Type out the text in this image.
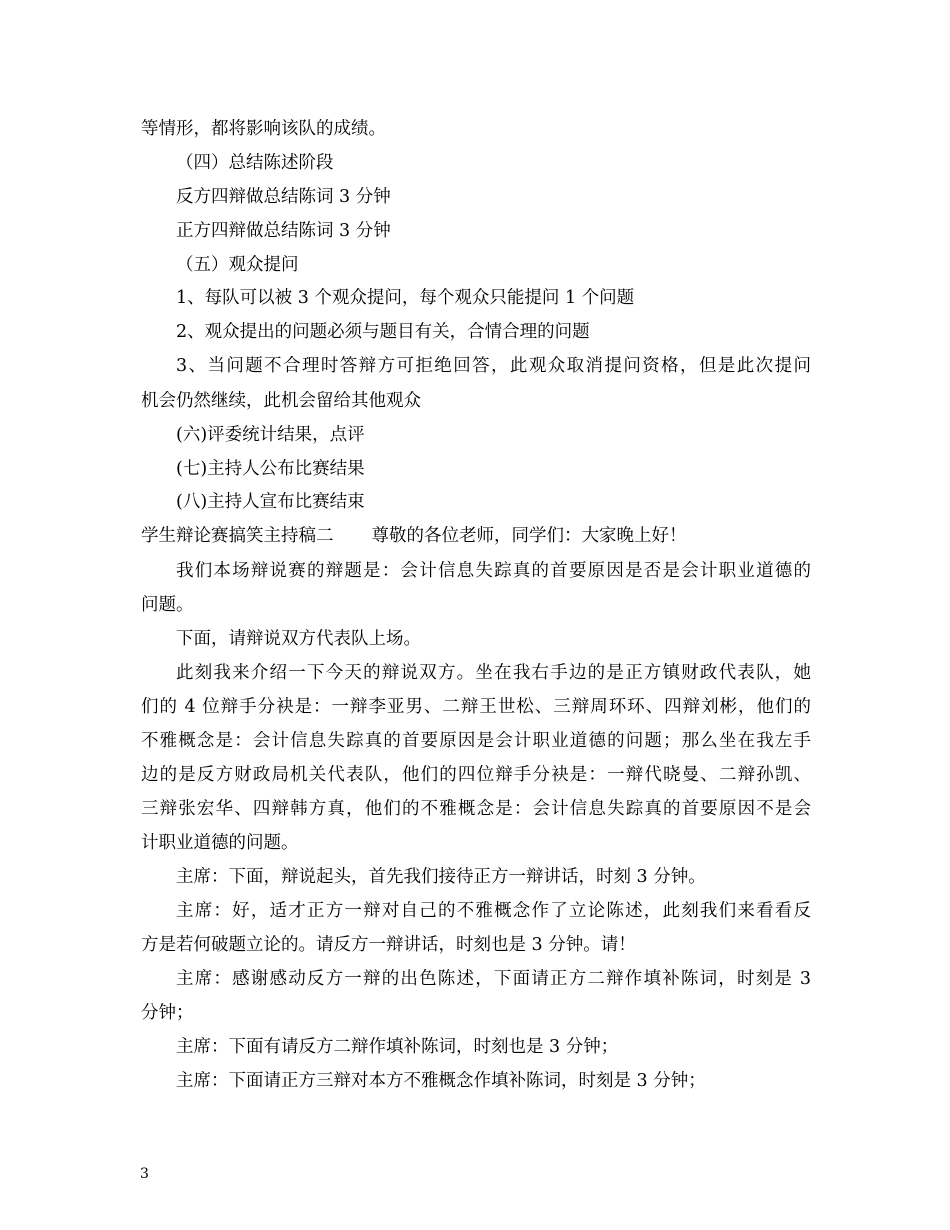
等情形，都将影响该队的成绩。
（四）总结陈述阶段
反方四辩做总结陈词 3 分钟
正方四辩做总结陈词 3 分钟
（五）观众提问
1、每队可以被 3 个观众提问，每个观众只能提问 1 个问题
2、观众提出的问题必须与题目有关，合情合理的问题
3、当问题不合理时答辩方可拒绝回答，此观众取消提问资格，但是此次提问
机会仍然继续，此机会留给其他观众
(六)评委统计结果，点评
(七)主持人公布比赛结果
(八)主持人宣布比赛结束
学生辩论赛搞笑主持稿二 尊敬的各位老师，同学们：大家晚上好！
我们本场辩说赛的辩题是：会计信息失踪真的首要原因是否是会计职业道德的
问题。
下面，请辩说双方代表队上场。
此刻我来介绍一下今天的辩说双方。坐在我右手边的是正方镇财政代表队，她
们的 4 位辩手分袂是：一辩李亚男、二辩王世松、三辩周环环、四辩刘彬，他们的
不雅概念是：会计信息失踪真的首要原因是会计职业道德的问题；那么坐在我左手
边的是反方财政局机关代表队，他们的四位辩手分袂是：一辩代晓曼、二辩孙凯、
三辩张宏华、四辩韩方真，他们的不雅概念是：会计信息失踪真的首要原因不是会
计职业道德的问题。
主席：下面，辩说起头，首先我们接待正方一辩讲话，时刻 3 分钟。
主席：好，适才正方一辩对自己的不雅概念作了立论陈述，此刻我们来看看反
方是若何破题立论的。请反方一辩讲话，时刻也是 3 分钟。请！
主席：感谢感动反方一辩的出色陈述，下面请正方二辩作填补陈词，时刻是 3
分钟；
主席：下面有请反方二辩作填补陈词，时刻也是 3 分钟；
主席：下面请正方三辩对本方不雅概念作填补陈词，时刻是 3 分钟；
3
